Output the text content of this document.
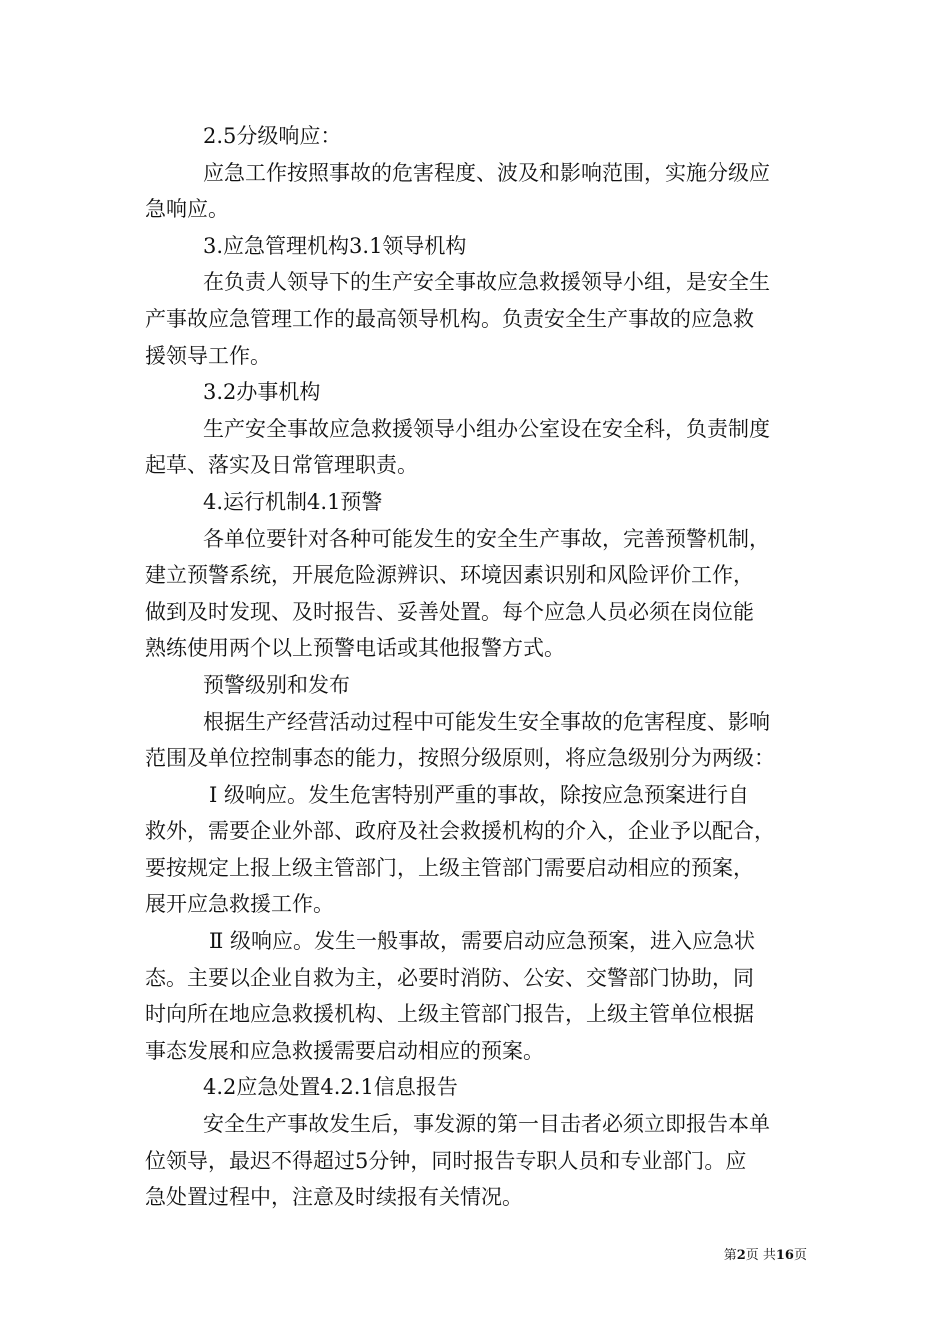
2.5分级响应：

应急工作按照事故的危害程度、波及和影响范围，实施分级应

急响应。

3.应急管理机构3.1领导机构

在负责人领导下的生产安全事故应急救援领导小组，是安全生

产事故应急管理工作的最高领导机构。负责安全生产事故的应急救

援领导工作。

3.2办事机构

生产安全事故应急救援领导小组办公室设在安全科，负责制度

起草、落实及日常管理职责。

4.运行机制4.1预警

各单位要针对各种可能发生的安全生产事故，完善预警机制，

建立预警系统，开展危险源辨识、环境因素识别和风险评价工作，

做到及时发现、及时报告、妥善处置。每个应急人员必须在岗位能

熟练使用两个以上预警电话或其他报警方式。

预警级别和发布

根据生产经营活动过程中可能发生安全事故的危害程度、影响

范围及单位控制事态的能力，按照分级原则，将应急级别分为两级：

Ⅰ 级响应。发生危害特别严重的事故，除按应急预案进行自

救外，需要企业外部、政府及社会救援机构的介入，企业予以配合，

要按规定上报上级主管部门，上级主管部门需要启动相应的预案，

展开应急救援工作。

Ⅱ 级响应。发生一般事故，需要启动应急预案，进入应急状

态。主要以企业自救为主，必要时消防、公安、交警部门协助，同

时向所在地应急救援机构、上级主管部门报告，上级主管单位根据

事态发展和应急救援需要启动相应的预案。

4.2应急处置4.2.1信息报告

安全生产事故发生后，事发源的第一目击者必须立即报告本单

位领导，最迟不得超过5分钟，同时报告专职人员和专业部门。应

急处置过程中，注意及时续报有关情况。

第2页 共16页
